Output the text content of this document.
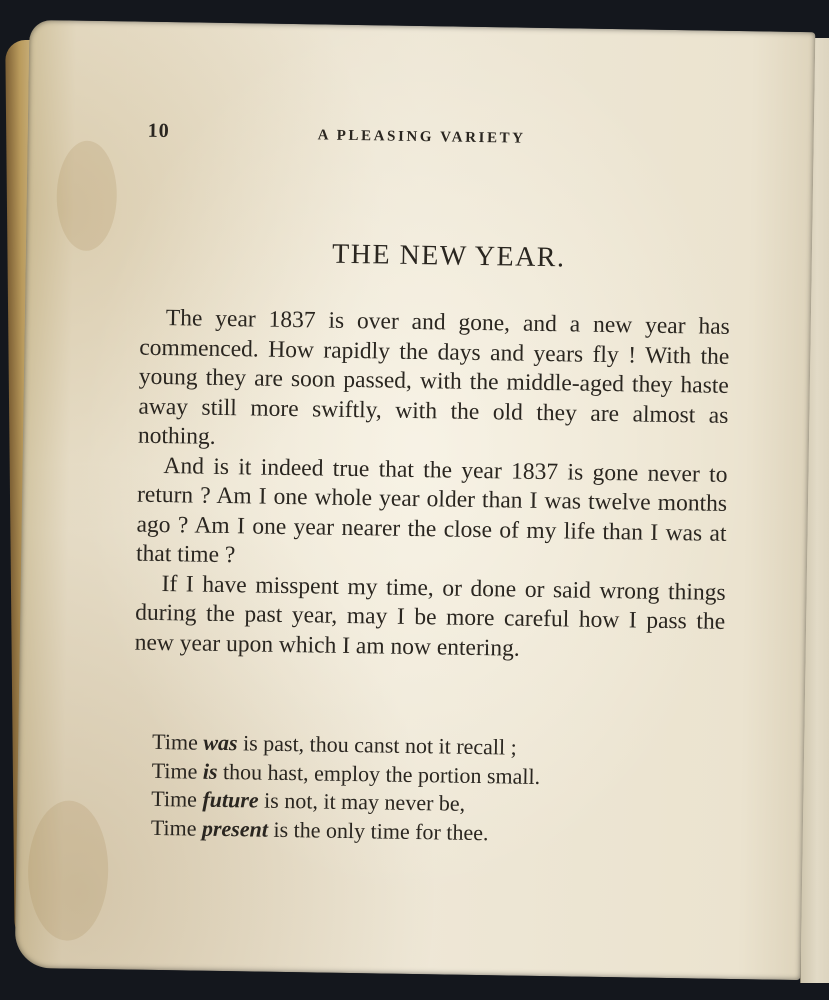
10	A PLEASING VARIETY
THE NEW YEAR.

The year 1837 is over and gone, and a new year has commenced. How rapidly the days and years fly ! With the young they are soon passed, with the middle-aged they haste away still more swiftly, with the old they are almost as nothing.

And is it indeed true that the year 1837 is gone never to return ? Am I one whole year older than I was twelve months ago ? Am I one year nearer the close of my life than I was at that time ?

If I have misspent my time, or done or said wrong things during the past year, may I be more careful how I pass the new year upon which I am now entering.

Time was is past, thou canst not it recall ;
Time is thou hast, employ the portion small.
Time future is not, it may never be,
Time present is the only time for thee.
